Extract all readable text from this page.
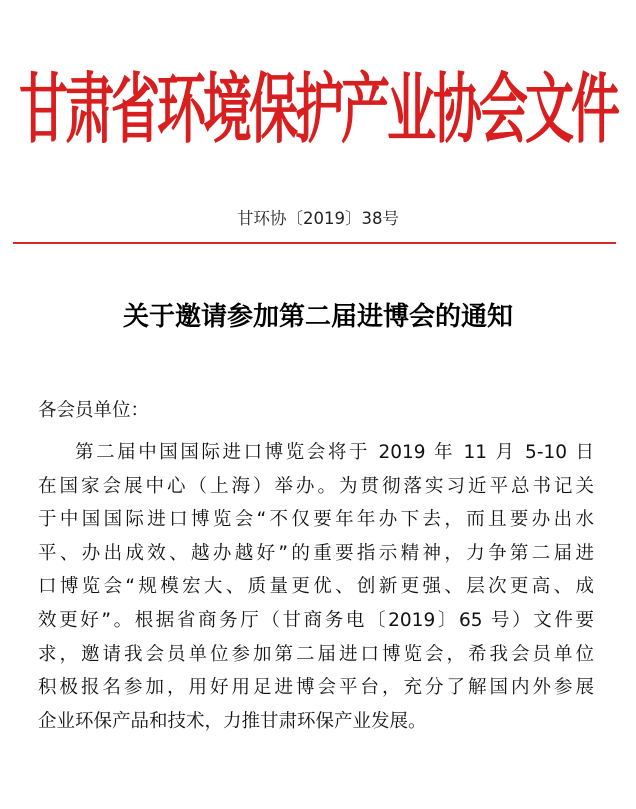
甘肃省环境保护产业协会文件
甘环协〔2019〕38号
关于邀请参加第二届进博会的通知
各会员单位：
第二届中国国际进口博览会将于 2019 年 11 月 5-10 日
在国家会展中心（上海）举办。为贯彻落实习近平总书记关
于中国国际进口博览会“不仅要年年办下去，而且要办出水
平、办出成效、越办越好”的重要指示精神，力争第二届进
口博览会“规模宏大、质量更优、创新更强、层次更高、成
效更好”。根据省商务厅（甘商务电〔2019〕65 号）文件要
求，邀请我会员单位参加第二届进口博览会，希我会员单位
积极报名参加，用好用足进博会平台，充分了解国内外参展
企业环保产品和技术，力推甘肃环保产业发展。
